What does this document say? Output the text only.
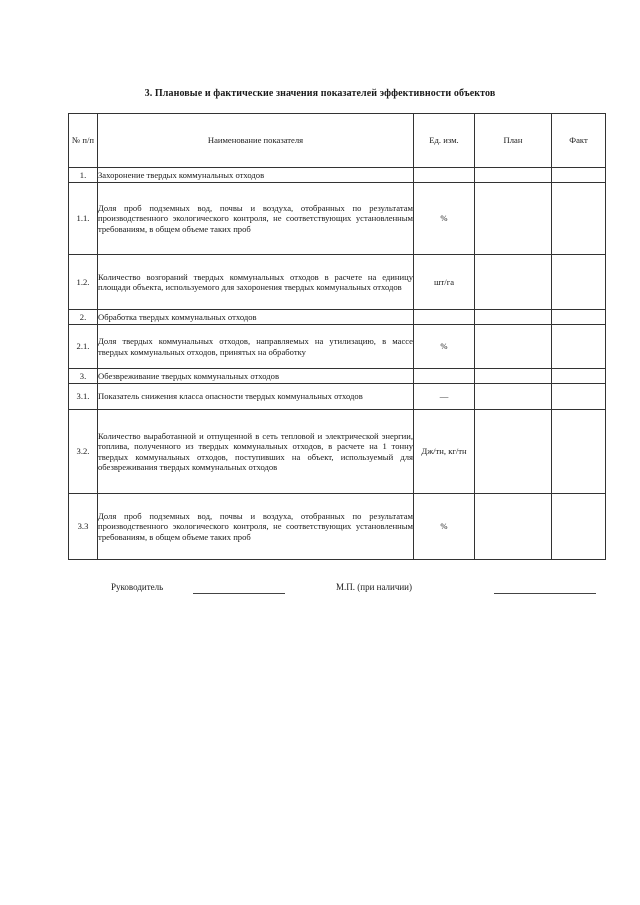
3. Плановые и фактические значения показателей эффективности объектов
№ п/п	Наименование показателя	Ед. изм.	План	Факт
1.	Захоронение твердых коммунальных отходов			
1.1.	Доля проб подземных вод, почвы и воздуха, отобранных по результатам производственного экологического контроля, не соответствующих установленным требованиям, в общем объеме таких проб	%		
1.2.	Количество возгораний твердых коммунальных отходов в расчете на единицу площади объекта, используемого для захоронения твердых коммунальных отходов	шт/га		
2.	Обработка твердых коммунальных отходов			
2.1.	Доля твердых коммунальных отходов, направляемых на утилизацию, в массе твердых коммунальных отходов, принятых на обработку	%		
3.	Обезвреживание твердых коммунальных отходов			
3.1.	Показатель снижения класса опасности твердых коммунальных отходов	—		
3.2.	Количество выработанной и отпущенной в сеть тепловой и электрической энергии, топлива, полученного из твердых коммунальных отходов, в расчете на 1 тонну твердых коммунальных отходов, поступивших на объект, используемый для обезвреживания твердых коммунальных отходов	Дж/тн, кг/тн		
3.3	Доля проб подземных вод, почвы и воздуха, отобранных по результатам производственного экологического контроля, не соответствующих установленным требованиям, в общем объеме таких проб	%		
Руководитель	М.П. (при наличии)
